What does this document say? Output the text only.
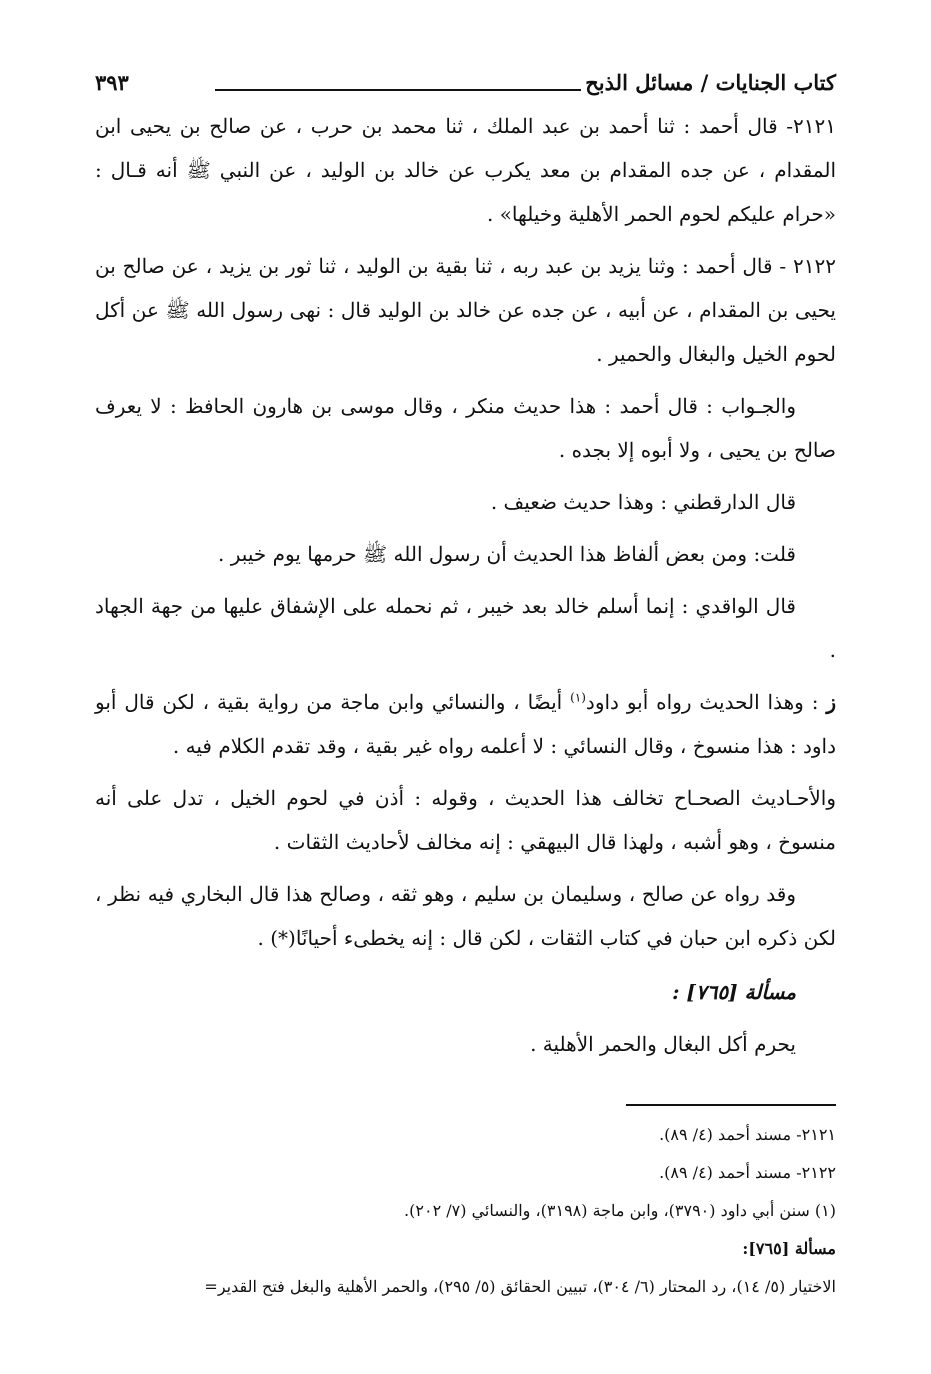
كتاب الجنايات / مسائل الذبح
٣٩٣

٢١٢١- قال أحمد : ثنا أحمد بن عبد الملك ، ثنا محمد بن حرب ، عن صالح بن يحيى ابن المقدام ، عن جده المقدام بن معد يكرب عن خالد بن الوليد ، عن النبي ﷺ أنه قـال : «حرام عليكم لحوم الحمر الأهلية وخيلها» .

٢١٢٢ - قال أحمد : وثنا يزيد بن عبد ربه ، ثنا بقية بن الوليد ، ثنا ثور بن يزيد ، عن صالح بن يحيى بن المقدام ، عن أبيه ، عن جده عن خالد بن الوليد قال : نهى رسول الله ﷺ عن أكل لحوم الخيل والبغال والحمير .

والجـواب : قال أحمد : هذا حديث منكر ، وقال موسى بن هارون الحافظ : لا يعرف صالح بن يحيى ، ولا أبوه إلا بجده .

قال الدارقطني : وهذا حديث ضعيف .

قلت: ومن بعض ألفاظ هذا الحديث أن رسول الله ﷺ حرمها يوم خيبر .

قال الواقدي : إنما أسلم خالد بعد خيبر ، ثم نحمله على الإشفاق عليها من جهة الجهاد .

ز : وهذا الحديث رواه أبو داود$^{(١)}$ أيضًا ، والنسائي وابن ماجة من رواية بقية ، لكن قال أبو داود : هذا منسوخ ، وقال النسائي : لا أعلمه رواه غير بقية ، وقد تقدم الكلام فيه .

والأحـاديث الصحـاح تخالف هذا الحديث ، وقوله : أذن في لحوم الخيل ، تدل على أنه منسوخ ، وهو أشبه ، ولهذا قال البيهقي : إنه مخالف لأحاديث الثقات .

وقد رواه عن صالح ، وسليمان بن سليم ، وهو ثقه ، وصالح هذا قال البخاري فيه نظر ، لكن ذكره ابن حبان في كتاب الثقات ، لكن قال : إنه يخطىء أحيانًا(*) .

مسألة [٧٦٥] :

يحرم أكل البغال والحمر الأهلية .

٢١٢١- مسند أحمد (٤/ ٨٩).

٢١٢٢- مسند أحمد (٤/ ٨٩).

(١) سنن أبي داود (٣٧٩٠)، وابن ماجة (٣١٩٨)، والنسائي (٧/ ٢٠٢).

مسألة [٧٦٥]:

الاختيار (٥/ ١٤)، رد المحتار (٦/ ٣٠٤)، تبيين الحقائق (٥/ ٢٩٥)، والحمر الأهلية والبغل فتح القدير=
